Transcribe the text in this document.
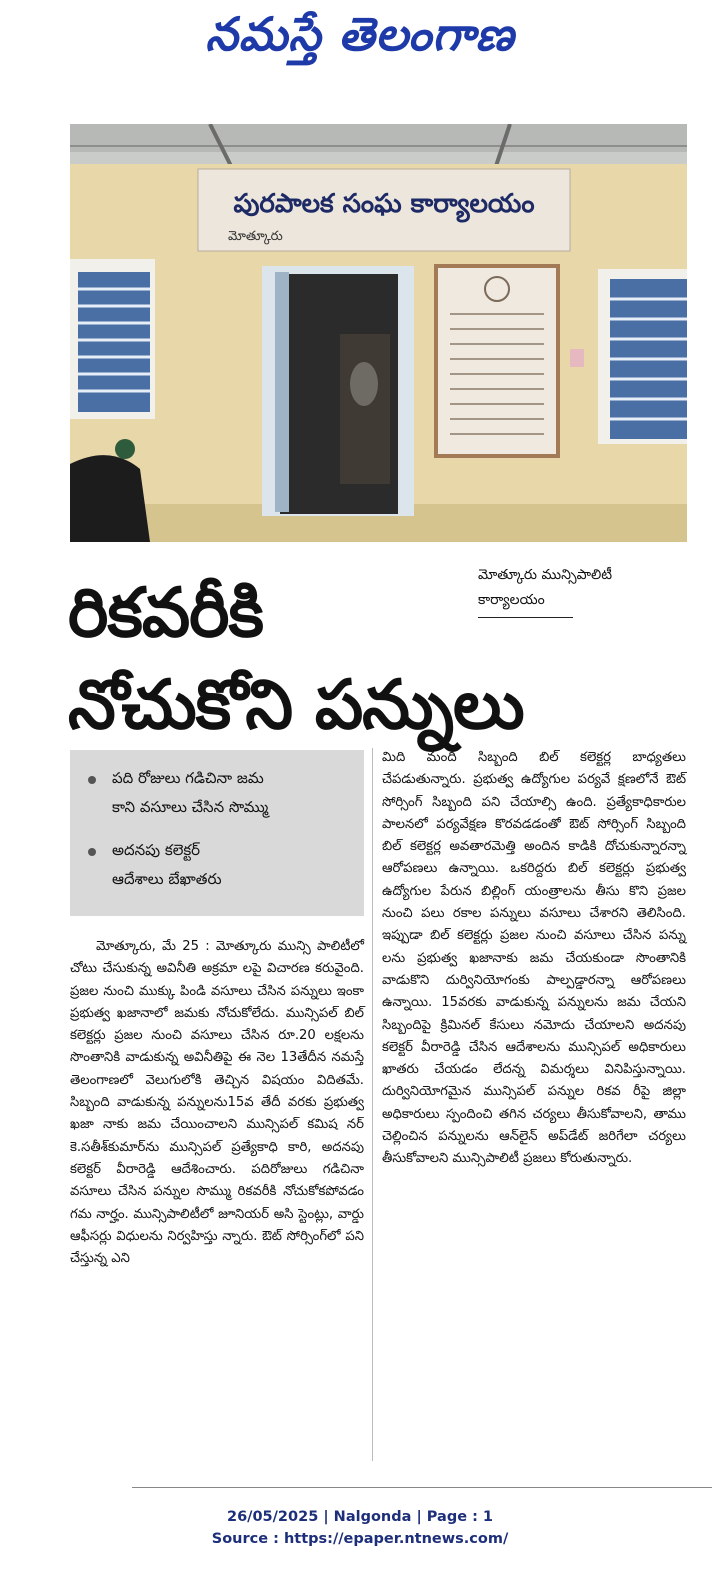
నమస్తే తెలంగాణ
పురపాలక సంఘ కార్యాలయం
మోత్కూరు
మోత్కూరు మున్సిపాలిటీ
కార్యాలయం
రికవరీకి
నోచుకోని పన్నులు
పది రోజులు గడిచినా జమ
కాని వసూలు చేసిన సొమ్ము
అదనపు కలెక్టర్
ఆదేశాలు బేఖాతరు
మోత్కూరు, మే 25 : మోత్కూరు మున్సి పాలిటీలో చోటు చేసుకున్న అవినీతి అక్రమా లపై విచారణ కరువైంది. ప్రజల నుంచి ముక్కు పిండి వసూలు చేసిన పన్నులు ఇంకా ప్రభుత్వ ఖజానాలో జమకు నోచుకోలేదు. మున్సిపల్ బిల్ కలెక్టర్లు ప్రజల నుంచి వసూలు చేసిన రూ.20 లక్షలను సొంతానికి వాడుకున్న అవినీతిపై ఈ నెల 13తేదీన నమస్తే తెలంగాణలో వెలుగులోకి తెచ్చిన విషయం విదితమే. సిబ్బంది వాడుకున్న పన్నులను15వ తేదీ వరకు ప్రభుత్వ ఖజా నాకు జమ చేయించాలని మున్సిపల్ కమిష నర్ కె.సతీశ్‌కుమార్‌ను మున్సిపల్ ప్రత్యేకాధి కారి, అదనపు కలెక్టర్ వీరారెడ్డి ఆదేశించారు. పదిరోజులు గడిచినా వసూలు చేసిన పన్నుల సొమ్ము రికవరీకి నోచుకోకపోవడం గమ నార్హం. మున్సిపాలిటీలో జూనియర్ అసి స్టెంట్లు, వార్డు ఆఫీసర్లు విధులను నిర్వహిస్తు న్నారు. ఔట్ సోర్సింగ్‌లో పని చేస్తున్న ఎని
మిది మంది సిబ్బంది బిల్ కలెక్టర్ల బాధ్యతలు చేపడుతున్నారు. ప్రభుత్వ ఉద్యోగుల పర్యవే క్షణలోనే ఔట్ సోర్సింగ్ సిబ్బంది పని చేయాల్సి ఉంది. ప్రత్యేకాధికారుల పాలనలో పర్యవేక్షణ కొరవడడంతో ఔట్ సోర్సింగ్ సిబ్బంది బిల్ కలెక్టర్ల అవతారమెత్తి అందిన కాడికి దోచుకున్నారన్నా ఆరోపణలు ఉన్నాయి. ఒకరిద్దరు బిల్ కలెక్టర్లు ప్రభుత్వ ఉద్యోగుల పేరున బిల్లింగ్ యంత్రాలను తీసు కొని ప్రజల నుంచి పలు రకాల పన్నులు వసూలు చేశారని తెలిసింది. ఇప్పుడా బిల్ కలెక్టర్లు ప్రజల నుంచి వసూలు చేసిన పన్ను లను ప్రభుత్వ ఖజానాకు జమ చేయకుండా సొంతానికి వాడుకొని దుర్వినియోగంకు పాల్పడ్డారన్నా ఆరోపణలు ఉన్నాయి. 15వరకు వాడుకున్న పన్నులను జమ చేయని సిబ్బందిపై క్రిమినల్ కేసులు నమోదు చేయాలని అదనపు కలెక్టర్ వీరారెడ్డి చేసిన ఆదేశాలను మున్సిపల్ అధికారులు ఖాతరు చేయడం లేదన్న విమర్శలు వినిపిస్తున్నాయి. దుర్వినియోగమైన మున్సిపల్ పన్నుల రికవ రీపై జిల్లా అధికారులు స్పందించి తగిన చర్యలు తీసుకోవాలని, తాము చెల్లించిన పన్నులను ఆన్‌లైన్ అప్‌డేట్ జరిగేలా చర్యలు తీసుకోవాలని మున్సిపాలిటీ ప్రజలు కోరుతున్నారు.
26/05/2025 | Nalgonda | Page : 1
Source : https://epaper.ntnews.com/
